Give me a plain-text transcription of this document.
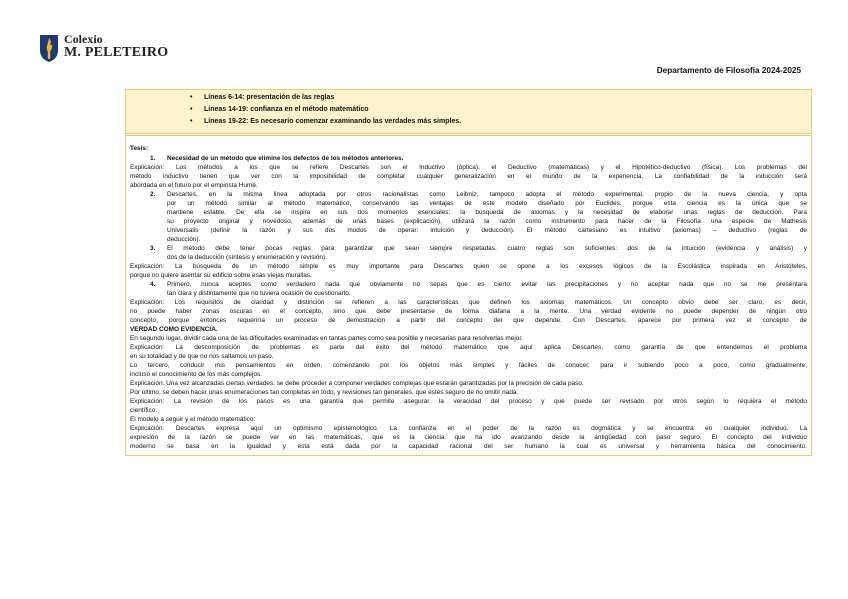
Colexio
M. PELETEIRO
Departamento de Filosofía 2024-2025
• Líneas 6-14: presentación de las reglas
• Líneas 14-19: confianza en el método matemático
• Líneas 19-22: Es necesario comenzar examinando las verdades más simples.
Tesis:
1. Necesidad de un método que elimine los defectos de los métodos anteriores.
Explicación: Los métodos a los que se refiere Descartes son el Inductivo (óptica), el Deductivo (matemáticas) y el Hipotético-deductivo (física). Los problemas del
método inductivo tienen que ver con la imposibilidad de completar cualquier generalización en el mundo de la experiencia. La confiabilidad de la inducción será
abordada en el futuro por el empirista Hume.
2. Descartes, en la misma línea adoptada por otros racionalistas como Leibniz, tampoco adopta el método experimental, propio de la nueva ciencia, y opta
por un método similar al método matemático, conservando las ventajas de este modelo diseñado por Euclides, porque esta ciencia es la única que se
mantiene estable. De ella se inspira en sus dos momentos esenciales: la búsqueda de axiomas y la necesidad de elaborar unas reglas de deducción. Para
su proyecto original y novedoso, además de unas bases (explicación), utilizará la razón como instrumento para hacer de la Filosofía una especie de Mathesis
Universalis (definir la razón y sus dos modos de operar: intuición y deducción). El método cartesiano es intuitivo (axiomas) – deductivo (reglas de
deducción).
3. El método debe tener pocas reglas para garantizar que sean siempre respetadas. cuatro reglas son suficientes: dos de la intuición (evidencia y análisis) y
dos de la deducción (síntesis y enumeración y revisión).
Explicación: La búsqueda de un método simple es muy importante para Descartes quien se opone a los excesos lógicos de la Escolástica inspirada en Aristóteles,
porque no quiere asentar su edificio sobre esas viejas murallas.
4. Primero, nunca aceptes como verdadero nada que obviamente no sepas que es cierto: evitar las precipitaciones y no aceptar nada que no se me presentara
tan clara y distintamente que no tuviera ocasión de cuestionarlo.
Explicación: Los requisitos de claridad y distinción se refieren a las características que definen los axiomas matemáticos. Un concepto obvio debe ser claro, es decir,
no puede haber zonas oscuras en el concepto, sino que debe presentarse de forma diáfana a la mente. Una verdad evidente no puede depender de ningún otro
concepto, porque entonces requeriría un proceso de demostración a partir del concepto del que depende. Con Descartes, aparece por primera vez el concepto de
VERDAD COMO EVIDENCIA.
En segundo lugar, dividir cada una de las dificultades examinadas en tantas partes como sea posible y necesarias para resolverlas mejor.
Explicación: La descomposición de problemas es parte del éxito del método matemático que aquí aplica Descartes, como garantía de que entendemos el problema
en su totalidad y de que no nos saltamos un paso.
Lo tercero, conducir mis pensamientos en orden, comenzando por los objetos más simples y fáciles de conocer, para ir subiendo poco a poco, como gradualmente,
incluso el conocimiento de los más complejos.
Explicación: Una vez alcanzadas ciertas verdades, se debe proceder a componer verdades complejas que estarán garantizadas por la precisión de cada paso.
Por último, se deben hacer unas enumeraciones tan completas en todo, y revisiones tan generales, que estés seguro de no omitir nada.
Explicación: La revisión de los pasos es una garantía que permite asegurar la veracidad del proceso y que puede ser revisado por otros según lo requiera el método
científico.
El modelo a seguir y el método matemático:
Explicación: Descartes expresa aquí un optimismo epistemológico. La confianza en el poder de la razón es dogmática y se encuentra en cualquier individuo. La
expresión de la razón se puede ver en las matemáticas, que es la ciencia que ha ido avanzando desde la antigüedad con paso seguro. El concepto del individuo
moderno se basa en la igualdad y esta está dada por la capacidad racional del ser humano la cual es universal y herramienta básica del conocimiento.
